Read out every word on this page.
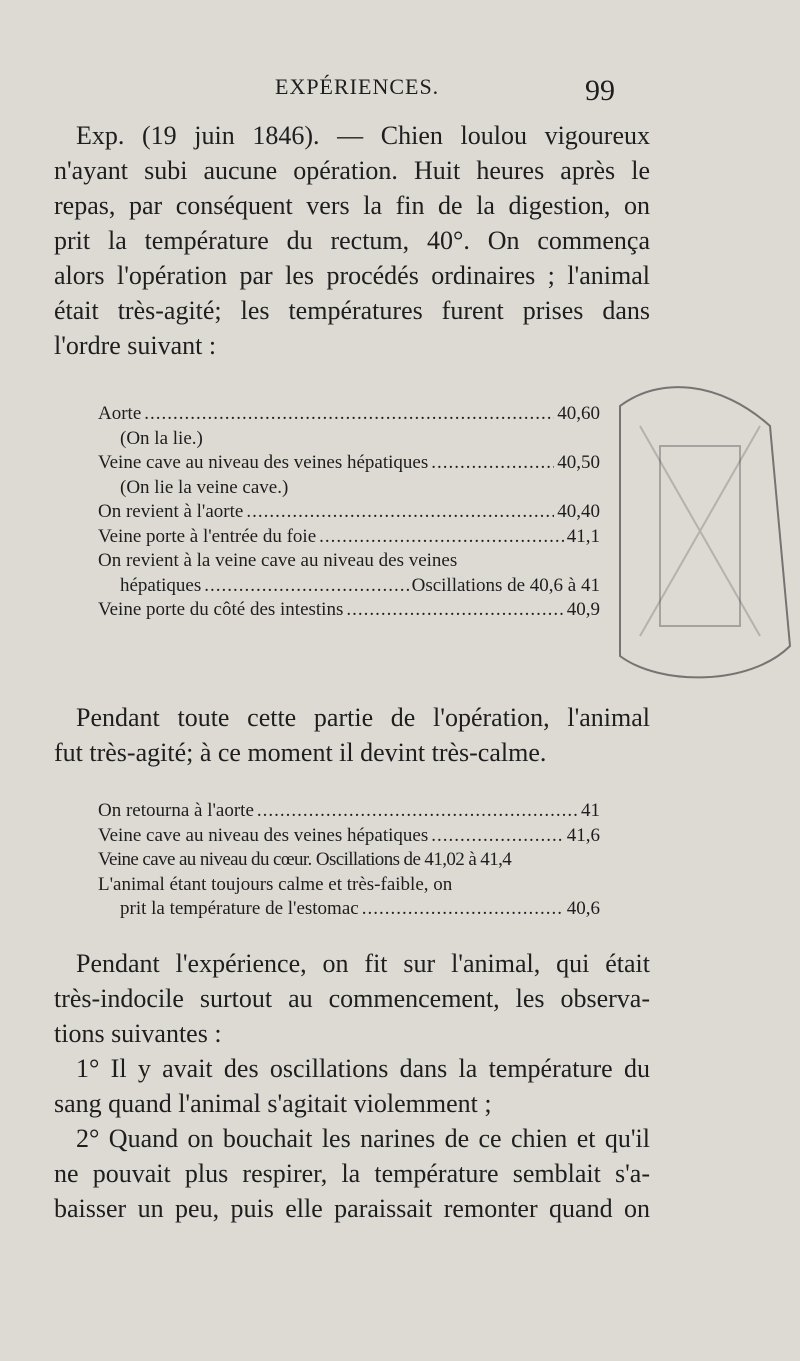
EXPÉRIENCES.	99
Exp. (19 juin 1846). — Chien loulou vigoureux
n'ayant subi aucune opération. Huit heures après le
repas, par conséquent vers la fin de la digestion, on
prit la température du rectum, 40°. On commença
alors l'opération par les procédés ordinaires ; l'animal
était très-agité; les températures furent prises dans
l'ordre suivant :
Aorte .....	40,60
(On la lie.)
Veine cave au niveau des veines hépatiques .....	40,50
(On lie la veine cave.)
On revient à l'aorte .....	40,40
Veine porte à l'entrée du foie .....	41,1
On revient à la veine cave au niveau des veines
hépatiques .....	Oscillations de 40,6 à 41
Veine porte du côté des intestins .....	40,9
Pendant toute cette partie de l'opération, l'animal
fut très-agité; à ce moment il devint très-calme.
On retourna à l'aorte .....	41
Veine cave au niveau des veines hépatiques .....	41,6
Veine cave au niveau du cœur. Oscillations de 41,02 à 41,4
L'animal étant toujours calme et très-faible, on
prit la température de l'estomac .....	40,6
Pendant l'expérience, on fit sur l'animal, qui était
très-indocile surtout au commencement, les observa-
tions suivantes :
1° Il y avait des oscillations dans la température du
sang quand l'animal s'agitait violemment ;
2° Quand on bouchait les narines de ce chien et qu'il
ne pouvait plus respirer, la température semblait s'a-
baisser un peu, puis elle paraissait remonter quand on
